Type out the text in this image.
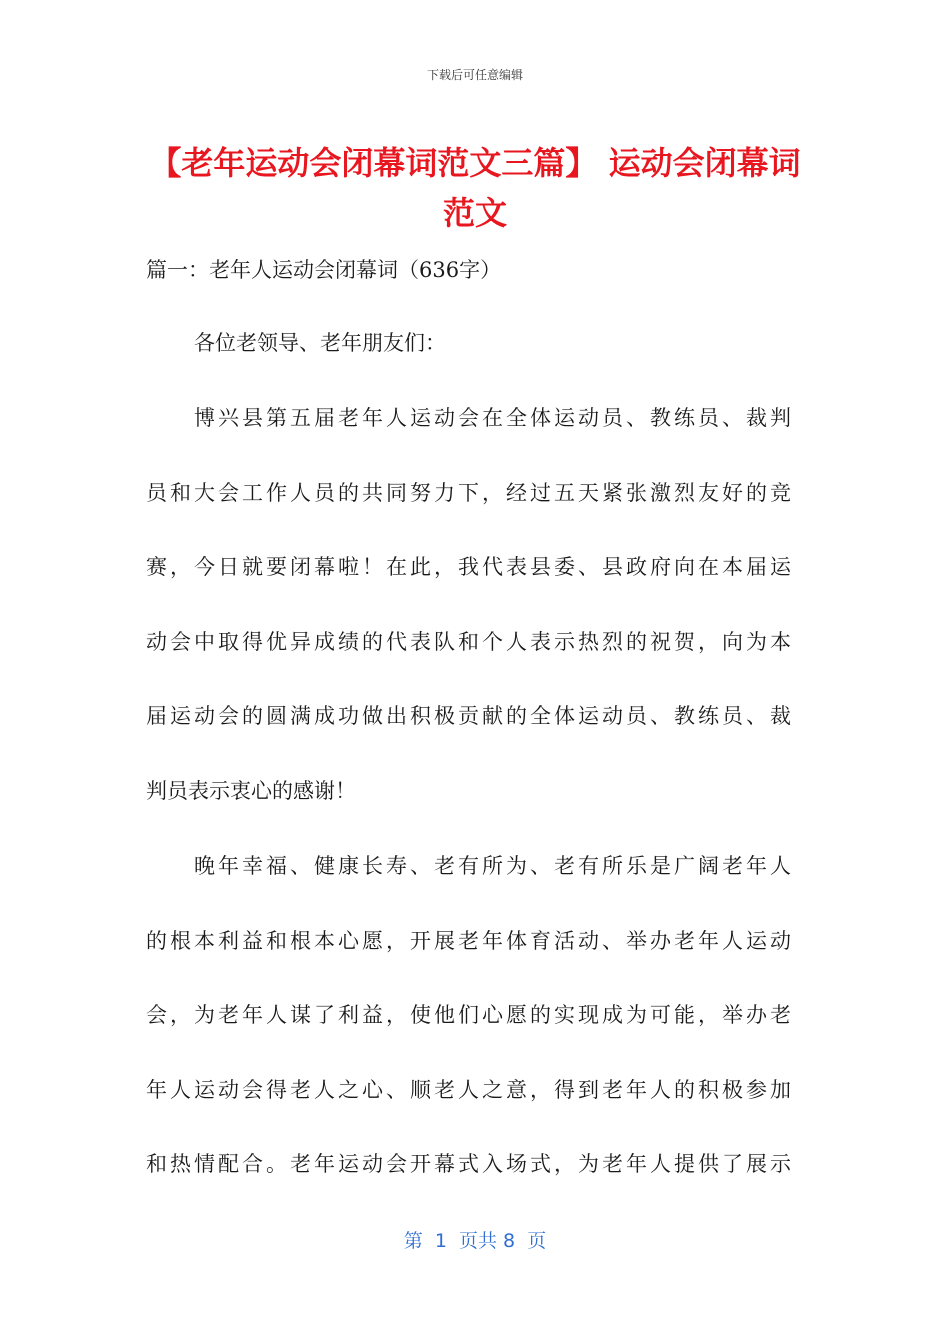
下载后可任意编辑
【老年运动会闭幕词范文三篇】 运动会闭幕词范文
篇一：老年人运动会闭幕词（636字）
各位老领导、老年朋友们：
博兴县第五届老年人运动会在全体运动员、教练员、裁判
员和大会工作人员的共同努力下，经过五天紧张激烈友好的竞
赛，今日就要闭幕啦！在此，我代表县委、县政府向在本届运
动会中取得优异成绩的代表队和个人表示热烈的祝贺，向为本
届运动会的圆满成功做出积极贡献的全体运动员、教练员、裁
判员表示衷心的感谢！
晚年幸福、健康长寿、老有所为、老有所乐是广阔老年人
的根本利益和根本心愿，开展老年体育活动、举办老年人运动
会，为老年人谋了利益，使他们心愿的实现成为可能，举办老
年人运动会得老人之心、顺老人之意，得到老年人的积极参加
和热情配合。老年运动会开幕式入场式，为老年人提供了展示
第  1  页共 8  页
